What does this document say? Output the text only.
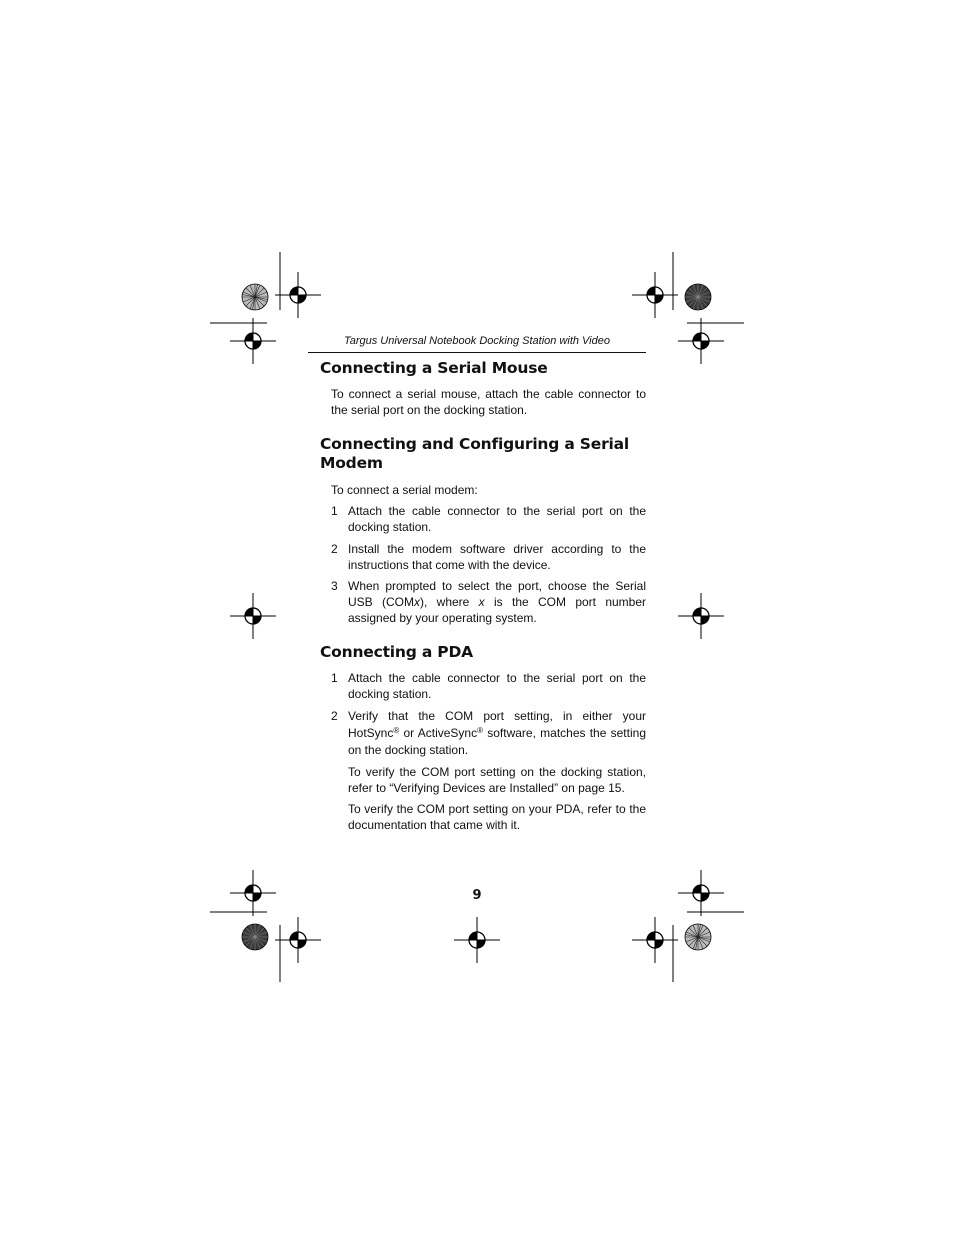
Targus Universal Notebook Docking Station with Video
Connecting a Serial Mouse
To connect a serial mouse, attach the cable connector to the serial port on the docking station.
Connecting and Configuring a Serial
Modem
To connect a serial modem:
1 Attach the cable connector to the serial port on the docking station.
2 Install the modem software driver according to the instructions that come with the device.
3 When prompted to select the port, choose the Serial USB (COMx), where x is the COM port number assigned by your operating system.
Connecting a PDA
1 Attach the cable connector to the serial port on the docking station.
2 Verify that the COM port setting, in either your HotSync® or ActiveSync® software, matches the setting on the docking station.
To verify the COM port setting on the docking station, refer to “Verifying Devices are Installed” on page 15.
To verify the COM port setting on your PDA, refer to the documentation that came with it.
9
